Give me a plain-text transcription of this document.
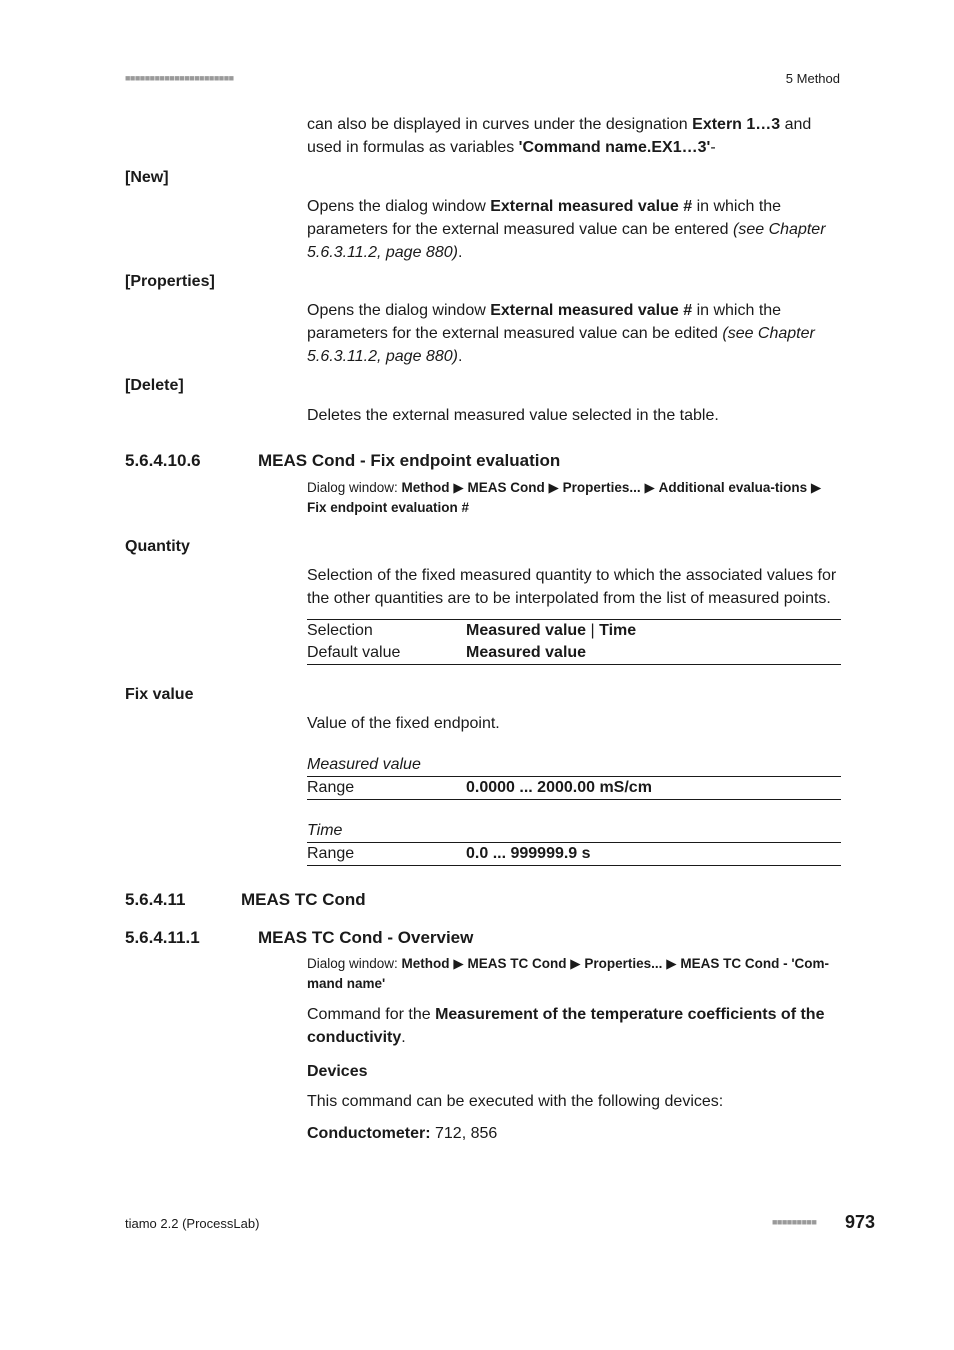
■■■■■■■■■■■■■■■■■■■■■■	5 Method
can also be displayed in curves under the designation Extern 1…3 and used in formulas as variables 'Command name.EX1…3'-
[New]
Opens the dialog window External measured value # in which the parameters for the external measured value can be entered (see Chapter 5.6.3.11.2, page 880).
[Properties]
Opens the dialog window External measured value # in which the parameters for the external measured value can be edited (see Chapter 5.6.3.11.2, page 880).
[Delete]
Deletes the external measured value selected in the table.
5.6.4.10.6	MEAS Cond - Fix endpoint evaluation
Dialog window: Method ▶ MEAS Cond ▶ Properties... ▶ Additional evalua-tions ▶ Fix endpoint evaluation #
Quantity
Selection of the fixed measured quantity to which the associated values for the other quantities are to be interpolated from the list of measured points.
Selection	Measured value | Time
Default value	Measured value
Fix value
Value of the fixed endpoint.
Measured value
Range	0.0000 ... 2000.00 mS/cm
Time
Range	0.0 ... 999999.9 s
5.6.4.11	MEAS TC Cond
5.6.4.11.1	MEAS TC Cond - Overview
Dialog window: Method ▶ MEAS TC Cond ▶ Properties... ▶ MEAS TC Cond - 'Com-mand name'
Command for the Measurement of the temperature coefficients of the conductivity.
Devices
This command can be executed with the following devices:
Conductometer: 712, 856
tiamo 2.2 (ProcessLab)	■■■■■■■■■ 973
